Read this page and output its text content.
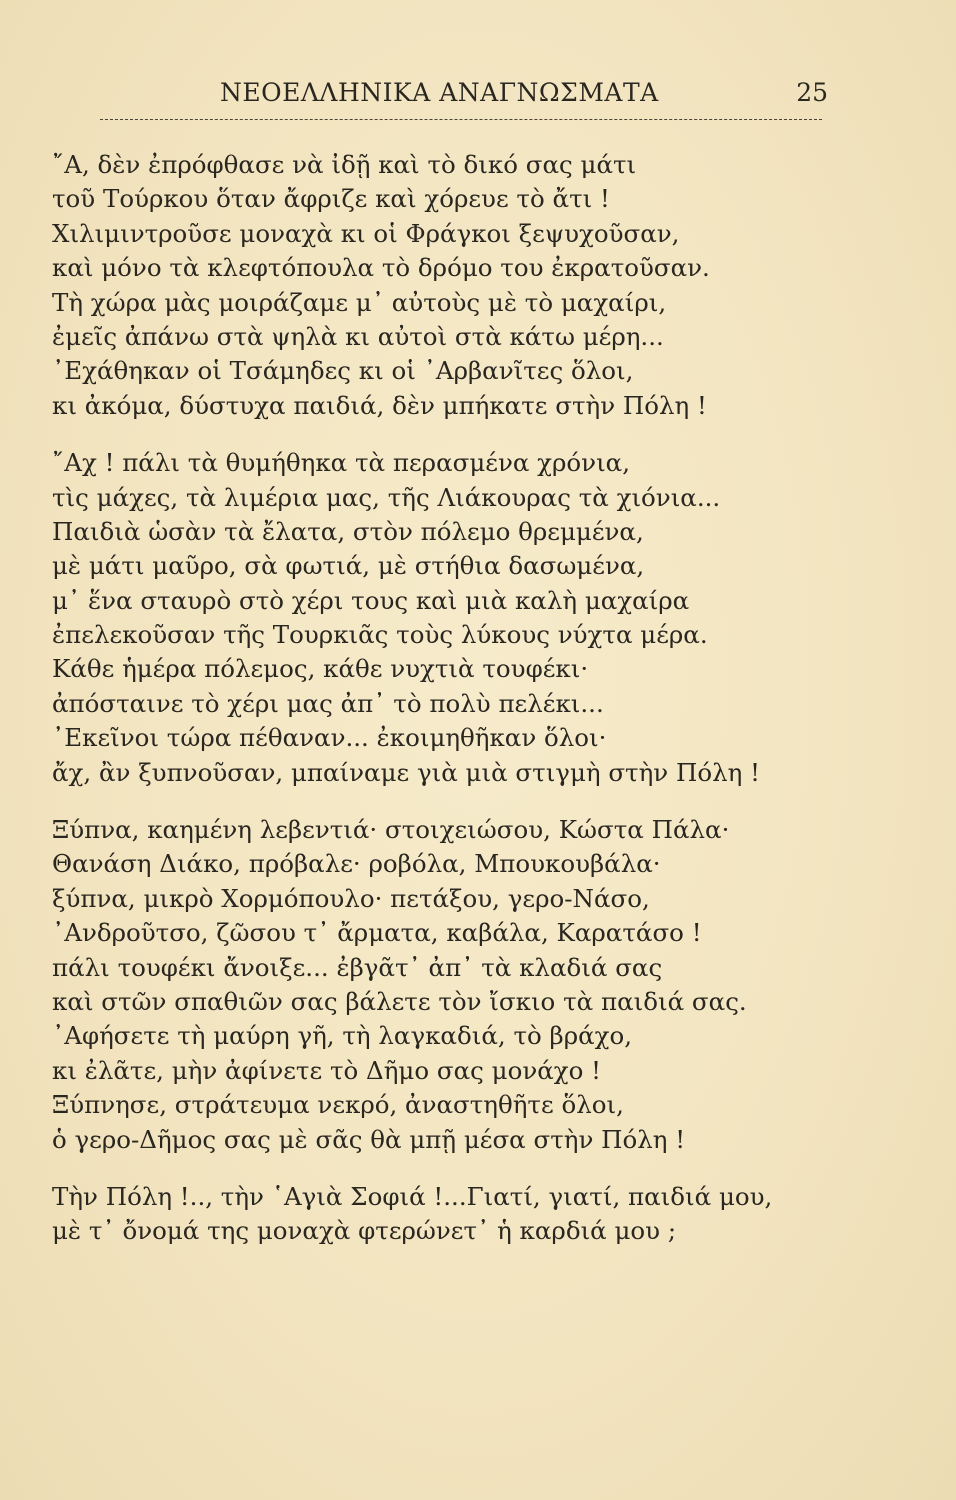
ΝΕΟΕΛΛΗΝΙΚΑ ΑΝΑΓΝΩΣΜΑΤΑ	25
῎Α, δὲν ἐπρόφθασε νὰ ἰδῇ καὶ τὸ δικό σας μάτι
τοῦ Τούρκου ὅταν ἄφριζε καὶ χόρευε τὸ ἄτι !
Χιλιμιντροῦσε μοναχὰ κι οἱ Φράγκοι ξεψυχοῦσαν,
καὶ μόνο τὰ κλεφτόπουλα τὸ δρόμο του ἐκρατοῦσαν.
Τὴ χώρα μὰς μοιράζαμε μ᾿ αὐτοὺς μὲ τὸ μαχαίρι,
ἐμεῖς ἀπάνω στὰ ψηλὰ κι αὐτοὶ στὰ κάτω μέρη...
᾿Εχάθηκαν οἱ Τσάμηδες κι οἱ ᾿Αρβανῖτες ὅλοι,
κι ἀκόμα, δύστυχα παιδιά, δὲν μπήκατε στὴν Πόλη !
῎Αχ ! πάλι τὰ θυμήθηκα τὰ περασμένα χρόνια,
τὶς μάχες, τὰ λιμέρια μας, τῆς Λιάκουρας τὰ χιόνια...
Παιδιὰ ὡσὰν τὰ ἔλατα, στὸν πόλεμο θρεμμένα,
μὲ μάτι μαῦρο, σὰ φωτιά, μὲ στήθια δασωμένα,
μ᾿ ἕνα σταυρὸ στὸ χέρι τους καὶ μιὰ καλὴ μαχαίρα
ἐπελεκοῦσαν τῆς Τουρκιᾶς τοὺς λύκους νύχτα μέρα.
Κάθε ἡμέρα πόλεμος, κάθε νυχτιὰ τουφέκι·
ἀπόσταινε τὸ χέρι μας ἀπ᾿ τὸ πολὺ πελέκι...
᾿Εκεῖνοι τώρα πέθαναν... ἐκοιμηθῆκαν ὅλοι·
ἄχ, ἂν ξυπνοῦσαν, μπαίναμε γιὰ μιὰ στιγμὴ στὴν Πόλη !
Ξύπνα, καημένη λεβεντιά· στοιχειώσου, Κώστα Πάλα·
Θανάση Διάκο, πρόβαλε· ροβόλα, Μπουκουβάλα·
ξύπνα, μικρὸ Χορμόπουλο· πετάξου, γερο-Νάσο,
᾿Ανδροῦτσο, ζῶσου τ᾿ ἄρματα, καβάλα, Καρατάσο !
πάλι τουφέκι ἄνοιξε... ἐβγᾶτ᾿ ἀπ᾿ τὰ κλαδιά σας
καὶ στῶν σπαθιῶν σας βάλετε τὸν ἴσκιο τὰ παιδιά σας.
᾿Αφήσετε τὴ μαύρη γῆ, τὴ λαγκαδιά, τὸ βράχο,
κι ἐλᾶτε, μὴν ἀφίνετε τὸ Δῆμο σας μονάχο !
Ξύπνησε, στράτευμα νεκρό, ἀναστηθῆτε ὅλοι,
ὁ γερο-Δῆμος σας μὲ σᾶς θὰ μπῇ μέσα στὴν Πόλη !
Τὴν Πόλη !.., τὴν ῾Αγιὰ Σοφιά !...Γιατί, γιατί, παιδιά μου,
μὲ τ᾿ ὄνομά της μοναχὰ φτερώνετ᾿ ἡ καρδιά μου ;
